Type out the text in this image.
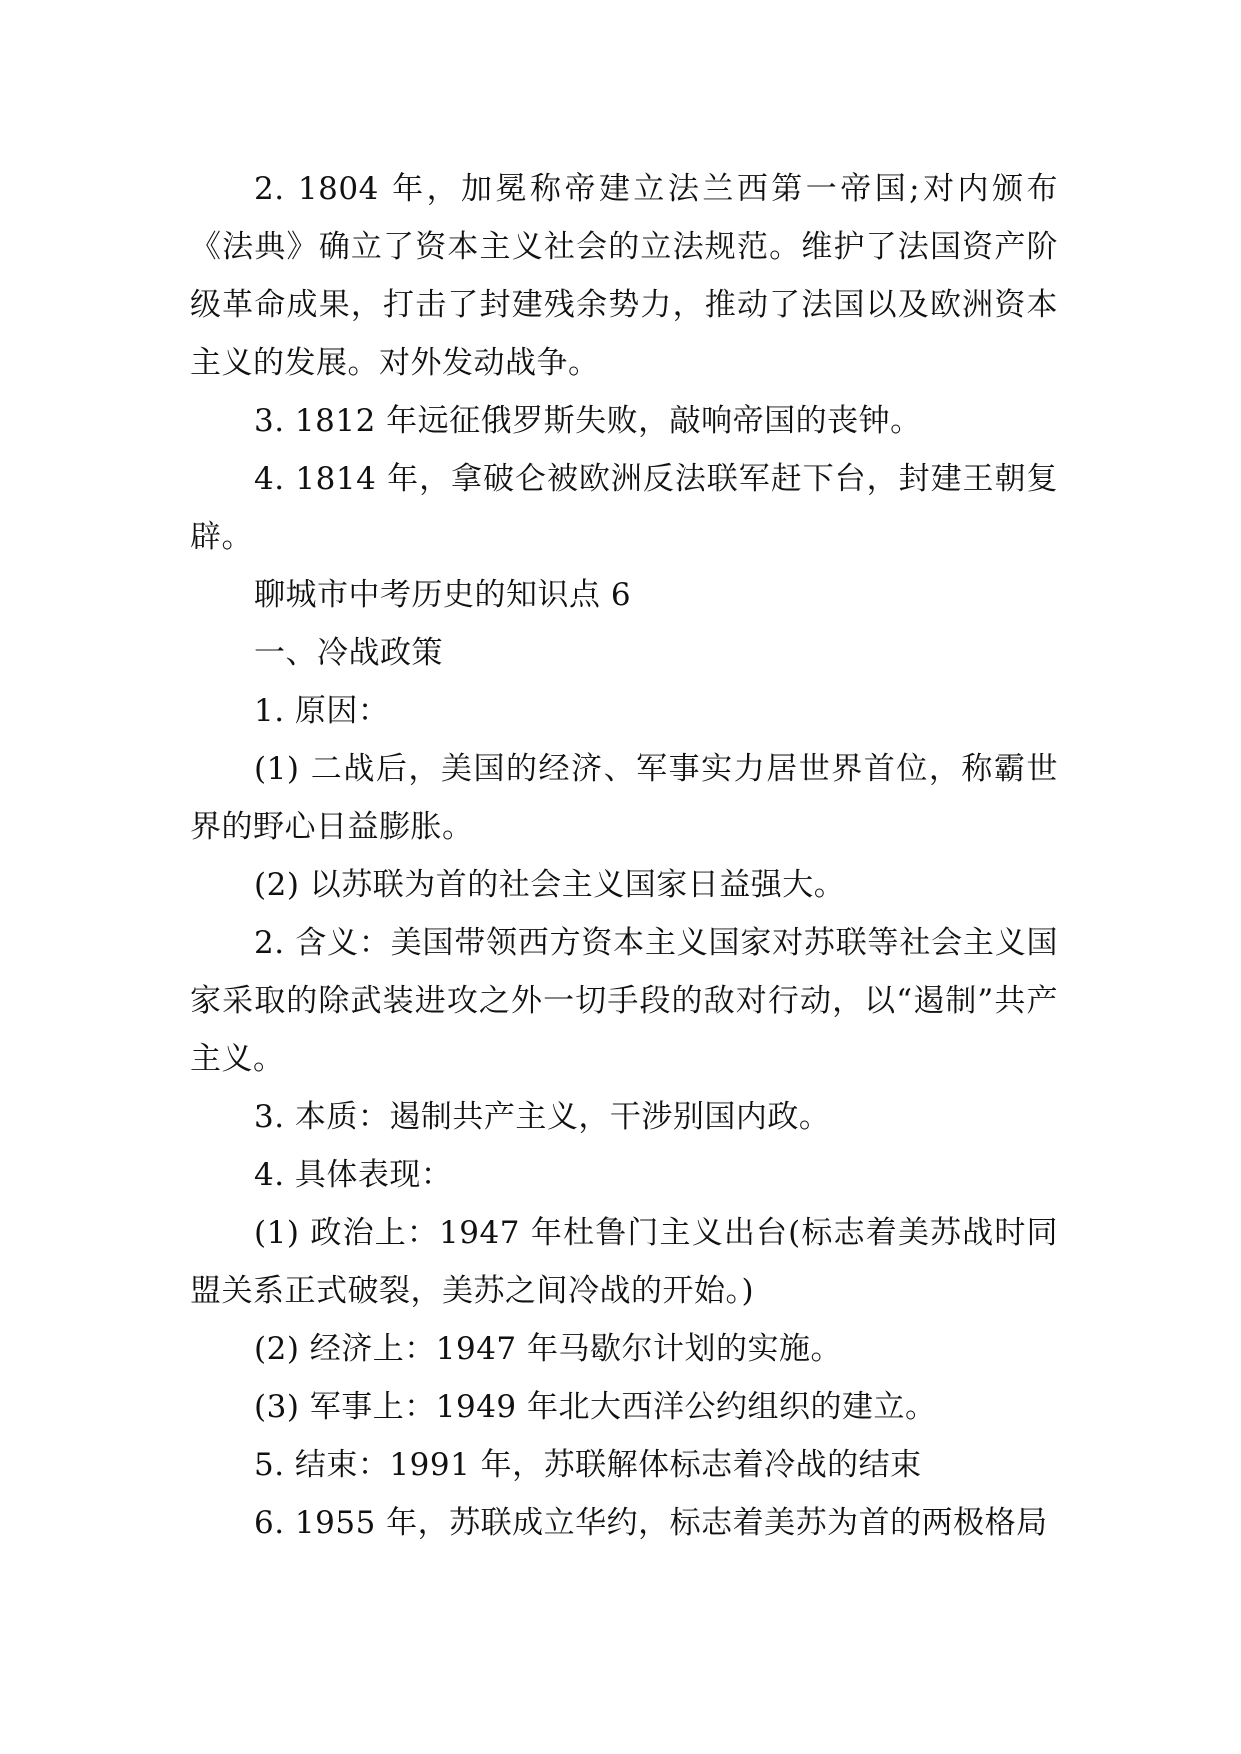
2. 1804 年，加冕称帝建立法兰西第一帝国;对内颁布《法典》确立了资本主义社会的立法规范。维护了法国资产阶级革命成果，打击了封建残余势力，推动了法国以及欧洲资本主义的发展。对外发动战争。

3. 1812 年远征俄罗斯失败，敲响帝国的丧钟。

4. 1814 年，拿破仑被欧洲反法联军赶下台，封建王朝复辟。

聊城市中考历史的知识点 6

一、冷战政策

1. 原因：

(1) 二战后，美国的经济、军事实力居世界首位，称霸世界的野心日益膨胀。

(2) 以苏联为首的社会主义国家日益强大。

2. 含义：美国带领西方资本主义国家对苏联等社会主义国家采取的除武装进攻之外一切手段的敌对行动，以“遏制”共产主义。

3. 本质：遏制共产主义，干涉别国内政。

4. 具体表现：

(1) 政治上：1947 年杜鲁门主义出台(标志着美苏战时同盟关系正式破裂，美苏之间冷战的开始。)

(2) 经济上：1947 年马歇尔计划的实施。

(3) 军事上：1949 年北大西洋公约组织的建立。

5. 结束：1991 年，苏联解体标志着冷战的结束

6. 1955 年，苏联成立华约，标志着美苏为首的两极格局
